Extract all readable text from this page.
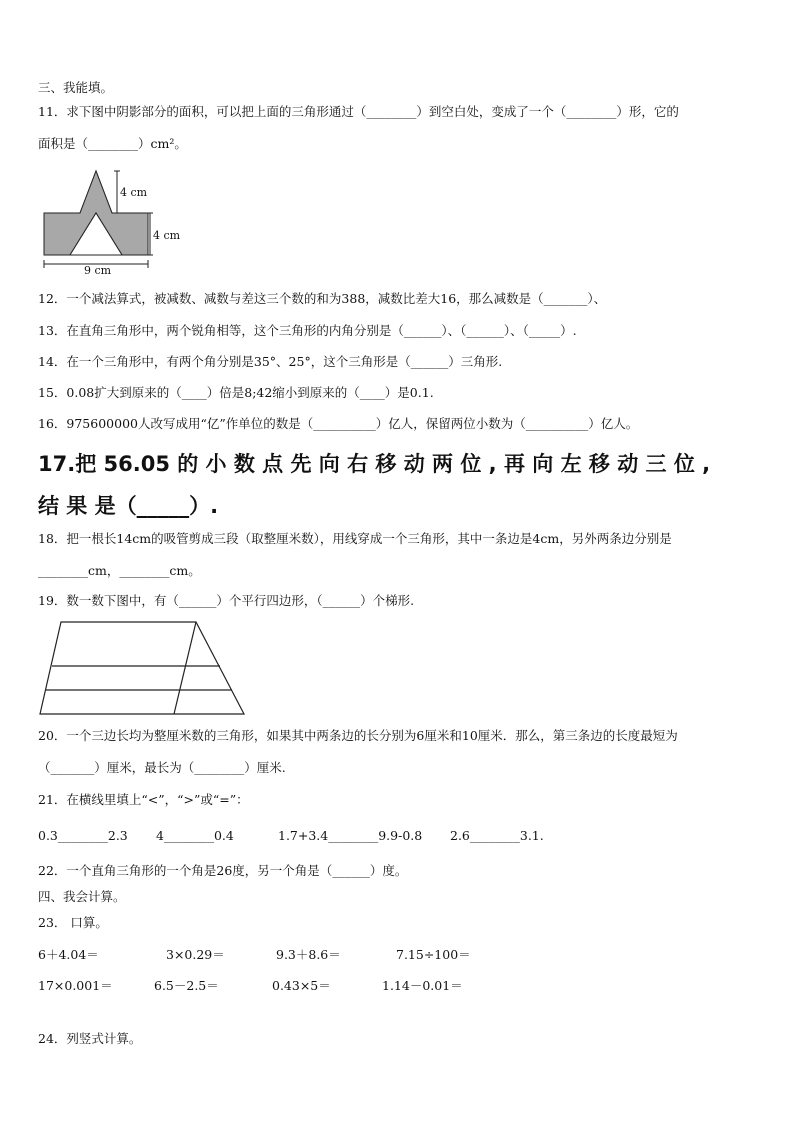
三、我能填。
11．求下图中阴影部分的面积，可以把上面的三角形通过（________）到空白处，变成了一个（________）形，它的
面积是（________）cm²。
4 cm
4 cm
9 cm
12．一个减法算式，被减数、减数与差这三个数的和为388，减数比差大16，那么减数是（_______）、
13．在直角三角形中，两个锐角相等，这个三角形的内角分别是（______）、（______）、（_____）.
14．在一个三角形中，有两个角分别是35°、25°，这个三角形是（______）三角形.
15．0.08扩大到原来的（____）倍是8;42缩小到原来的（____）是0.1.
16．975600000人改写成用“亿”作单位的数是（__________）亿人，保留两位小数为（__________）亿人。
17.把 56.05 的 小 数 点 先 向 右 移 动 两 位 , 再 向 左 移 动 三 位 ,
结 果 是（_____）.
18．把一根长14cm的吸管剪成三段（取整厘米数），用线穿成一个三角形，其中一条边是4cm，另外两条边分别是
________cm，________cm。
19．数一数下图中，有（______）个平行四边形，（______）个梯形.
20．一个三边长均为整厘米数的三角形，如果其中两条边的长分别为6厘米和10厘米．那么，第三条边的长度最短为
（_______）厘米，最长为（________）厘米.
21．在横线里填上“<”，“>”或“=”：
0.3________2.3 4________0.4	1.7+3.4________9.9-0.8 2.6________3.1.
22．一个直角三角形的一个角是26度，另一个角是（______）度。
四、我会计算。
23． 口算。
6＋4.04＝	3×0.29＝	9.3＋8.6＝	7.15÷100＝
17×0.001＝	6.5－2.5＝	0.43×5＝	1.14－0.01＝
24．列竖式计算。
